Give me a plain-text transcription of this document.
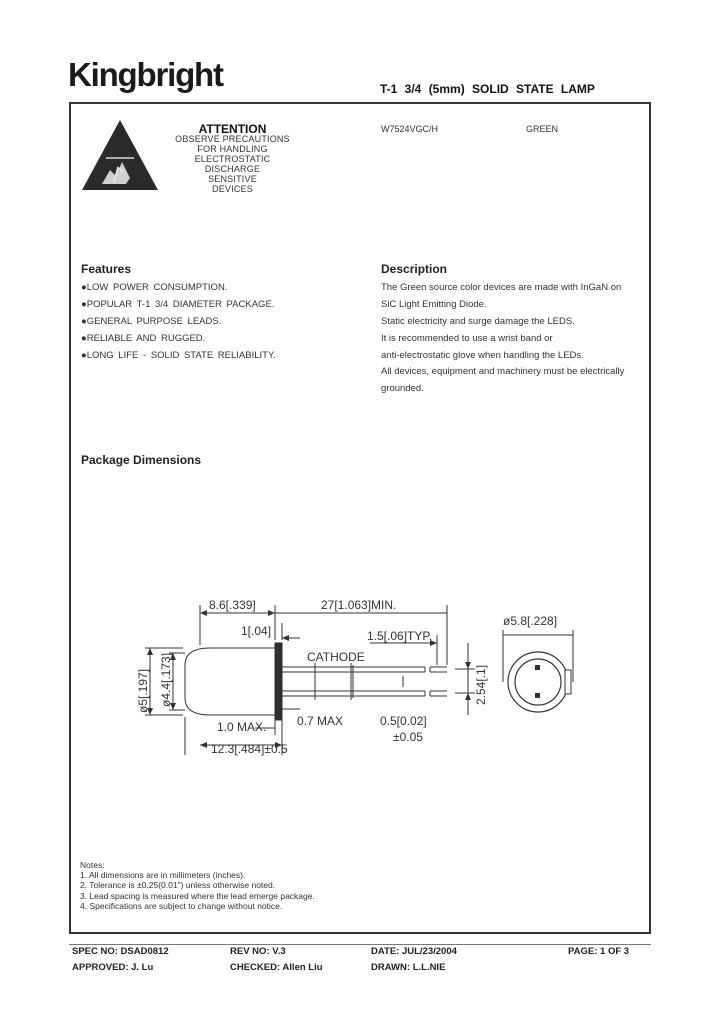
Kingbright	T-1 3/4 (5mm) SOLID STATE LAMP
ATTENTION
OBSERVE PRECAUTIONS
FOR HANDLING
ELECTROSTATIC
DISCHARGE
SENSITIVE
DEVICES
W7524VGC/H	GREEN
Features
●LOW POWER CONSUMPTION.
●POPULAR T-1 3/4 DIAMETER PACKAGE.
●GENERAL PURPOSE LEADS.
●RELIABLE AND RUGGED.
●LONG LIFE - SOLID STATE RELIABILITY.
Description
The Green source color devices are made with InGaN on
SiC Light Emitting Diode.
Static electricity and surge damage the LEDS.
It is recommended to use a wrist band or
anti-electrostatic glove when handling the LEDs.
All devices, equipment and machinery must be electrically
grounded.
Package Dimensions
8.6[.339]	27[1.063]MIN.
1[.04]	1.5[.06]TYP.
CATHODE
1.0 MAX.	0.7 MAX
12.3[.484]±0.5
0.5[0.02]
±0.05
ø5.8[.228]
ø5[.197] ø4.4[.173]	2.54[.1]
Notes:
1. All dimensions are in millimeters (inches).
2. Tolerance is ±0.25(0.01") unless otherwise noted.
3. Lead spacing is measured where the lead emerge package.
4. Specifications are subject to change without notice.
SPEC NO: DSAD0812	REV NO: V.3	DATE: JUL/23/2004	PAGE: 1 OF 3
APPROVED: J. Lu	CHECKED: Allen Liu	DRAWN: L.L.NIE
